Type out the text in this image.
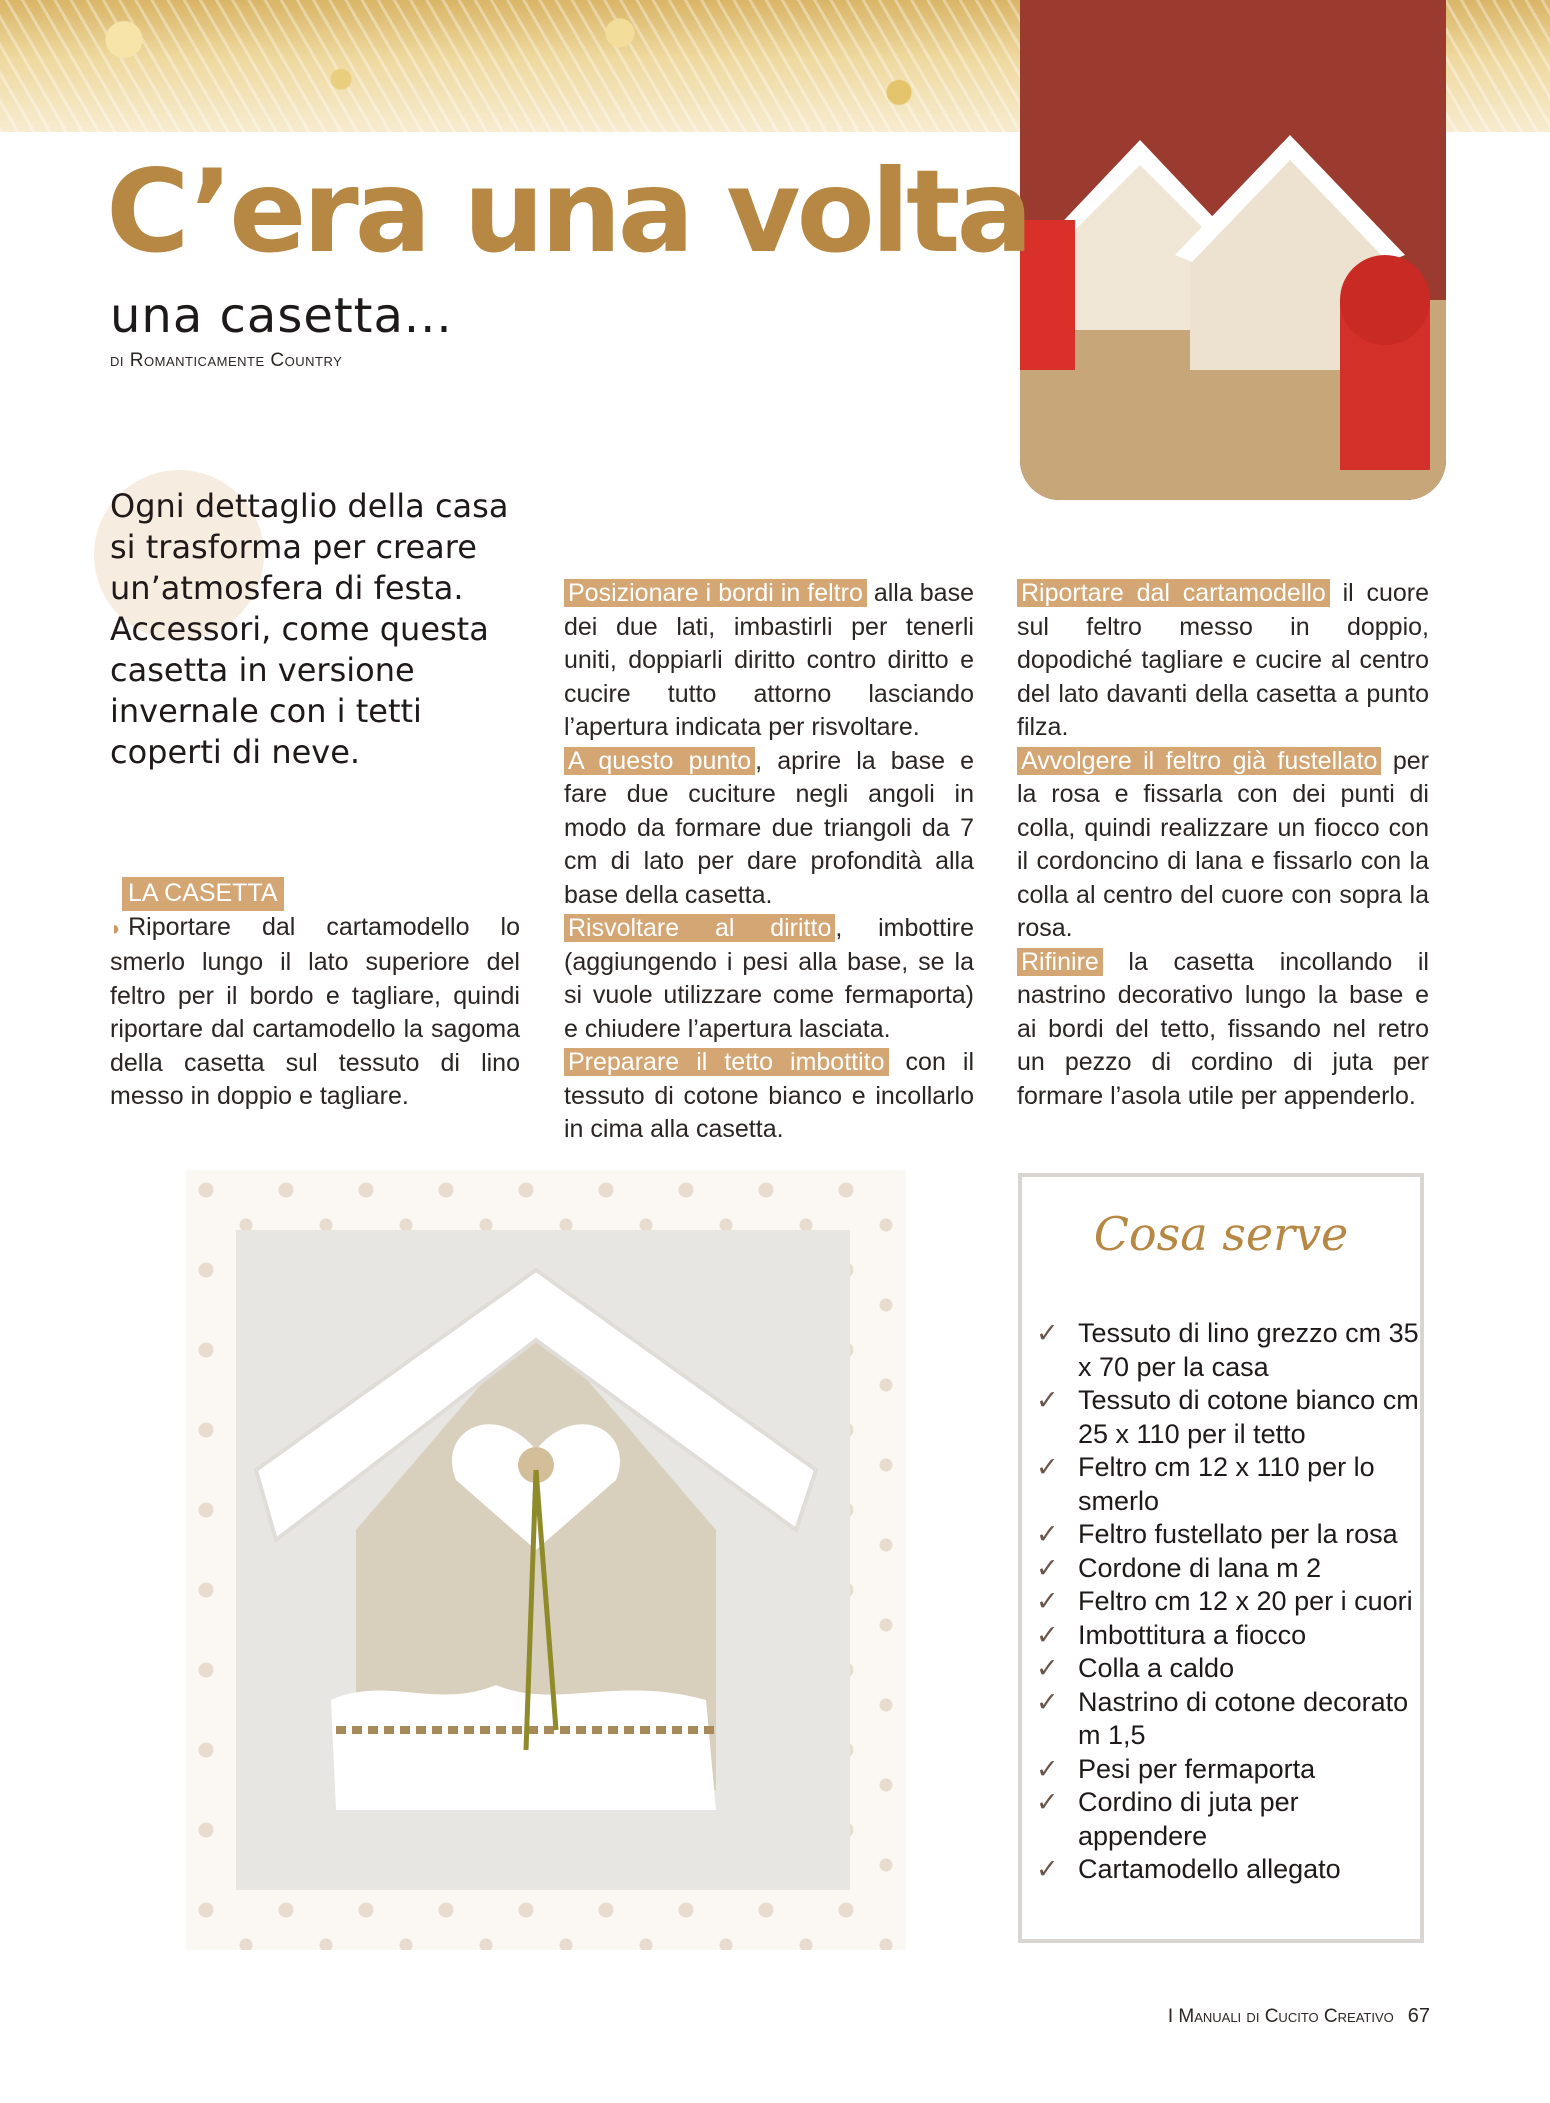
C’era una volta
una casetta...
di Romanticamente Country
Ogni dettaglio della casa si trasforma per creare un’atmosfera di festa. Accessori, come questa casetta in versione invernale con i tetti coperti di neve.
LA CASETTA
◗ Riportare dal cartamodello lo smerlo lungo il lato superiore del feltro per il bordo e tagliare, quindi riportare dal cartamodello la sagoma della casetta sul tessuto di lino messo in doppio e tagliare.
Posizionare i bordi in feltro alla base dei due lati, imbastirli per tenerli uniti, doppiarli diritto contro diritto e cucire tutto attorno lasciando l’apertura indicata per risvoltare.
A questo punto , aprire la base e fare due cuciture negli angoli in modo da formare due triangoli da 7 cm di lato per dare profondità alla base della casetta.
Risvoltare al diritto , imbottire (aggiungendo i pesi alla base, se la si vuole utilizzare come fermaporta) e chiudere l’apertura lasciata.
Preparare il tetto imbottito con il tessuto di cotone bianco e incollarlo in cima alla casetta.
Riportare dal cartamodello il cuore sul feltro messo in doppio, dopodiché tagliare e cucire al centro del lato davanti della casetta a punto filza.
Avvolgere il feltro già fustellato per la rosa e fissarla con dei punti di colla, quindi realizzare un fiocco con il cordoncino di lana e fissarlo con la colla al centro del cuore con sopra la rosa.
Rifinire la casetta incollando il nastrino decorativo lungo la base e ai bordi del tetto, fissando nel retro un pezzo di cordino di juta per formare l’asola utile per appenderlo.
Cosa serve
✓ Tessuto di lino grezzo cm 35 x 70 per la casa
✓ Tessuto di cotone bianco cm 25 x 110 per il tetto
✓ Feltro cm 12 x 110 per lo smerlo
✓ Feltro fustellato per la rosa
✓ Cordone di lana m 2
✓ Feltro cm 12 x 20 per i cuori
✓ Imbottitura a fiocco
✓ Colla a caldo
✓ Nastrino di cotone decorato m 1,5
✓ Pesi per fermaporta
✓ Cordino di juta per appendere
✓ Cartamodello allegato
I Manuali di Cucito Creativo 67
